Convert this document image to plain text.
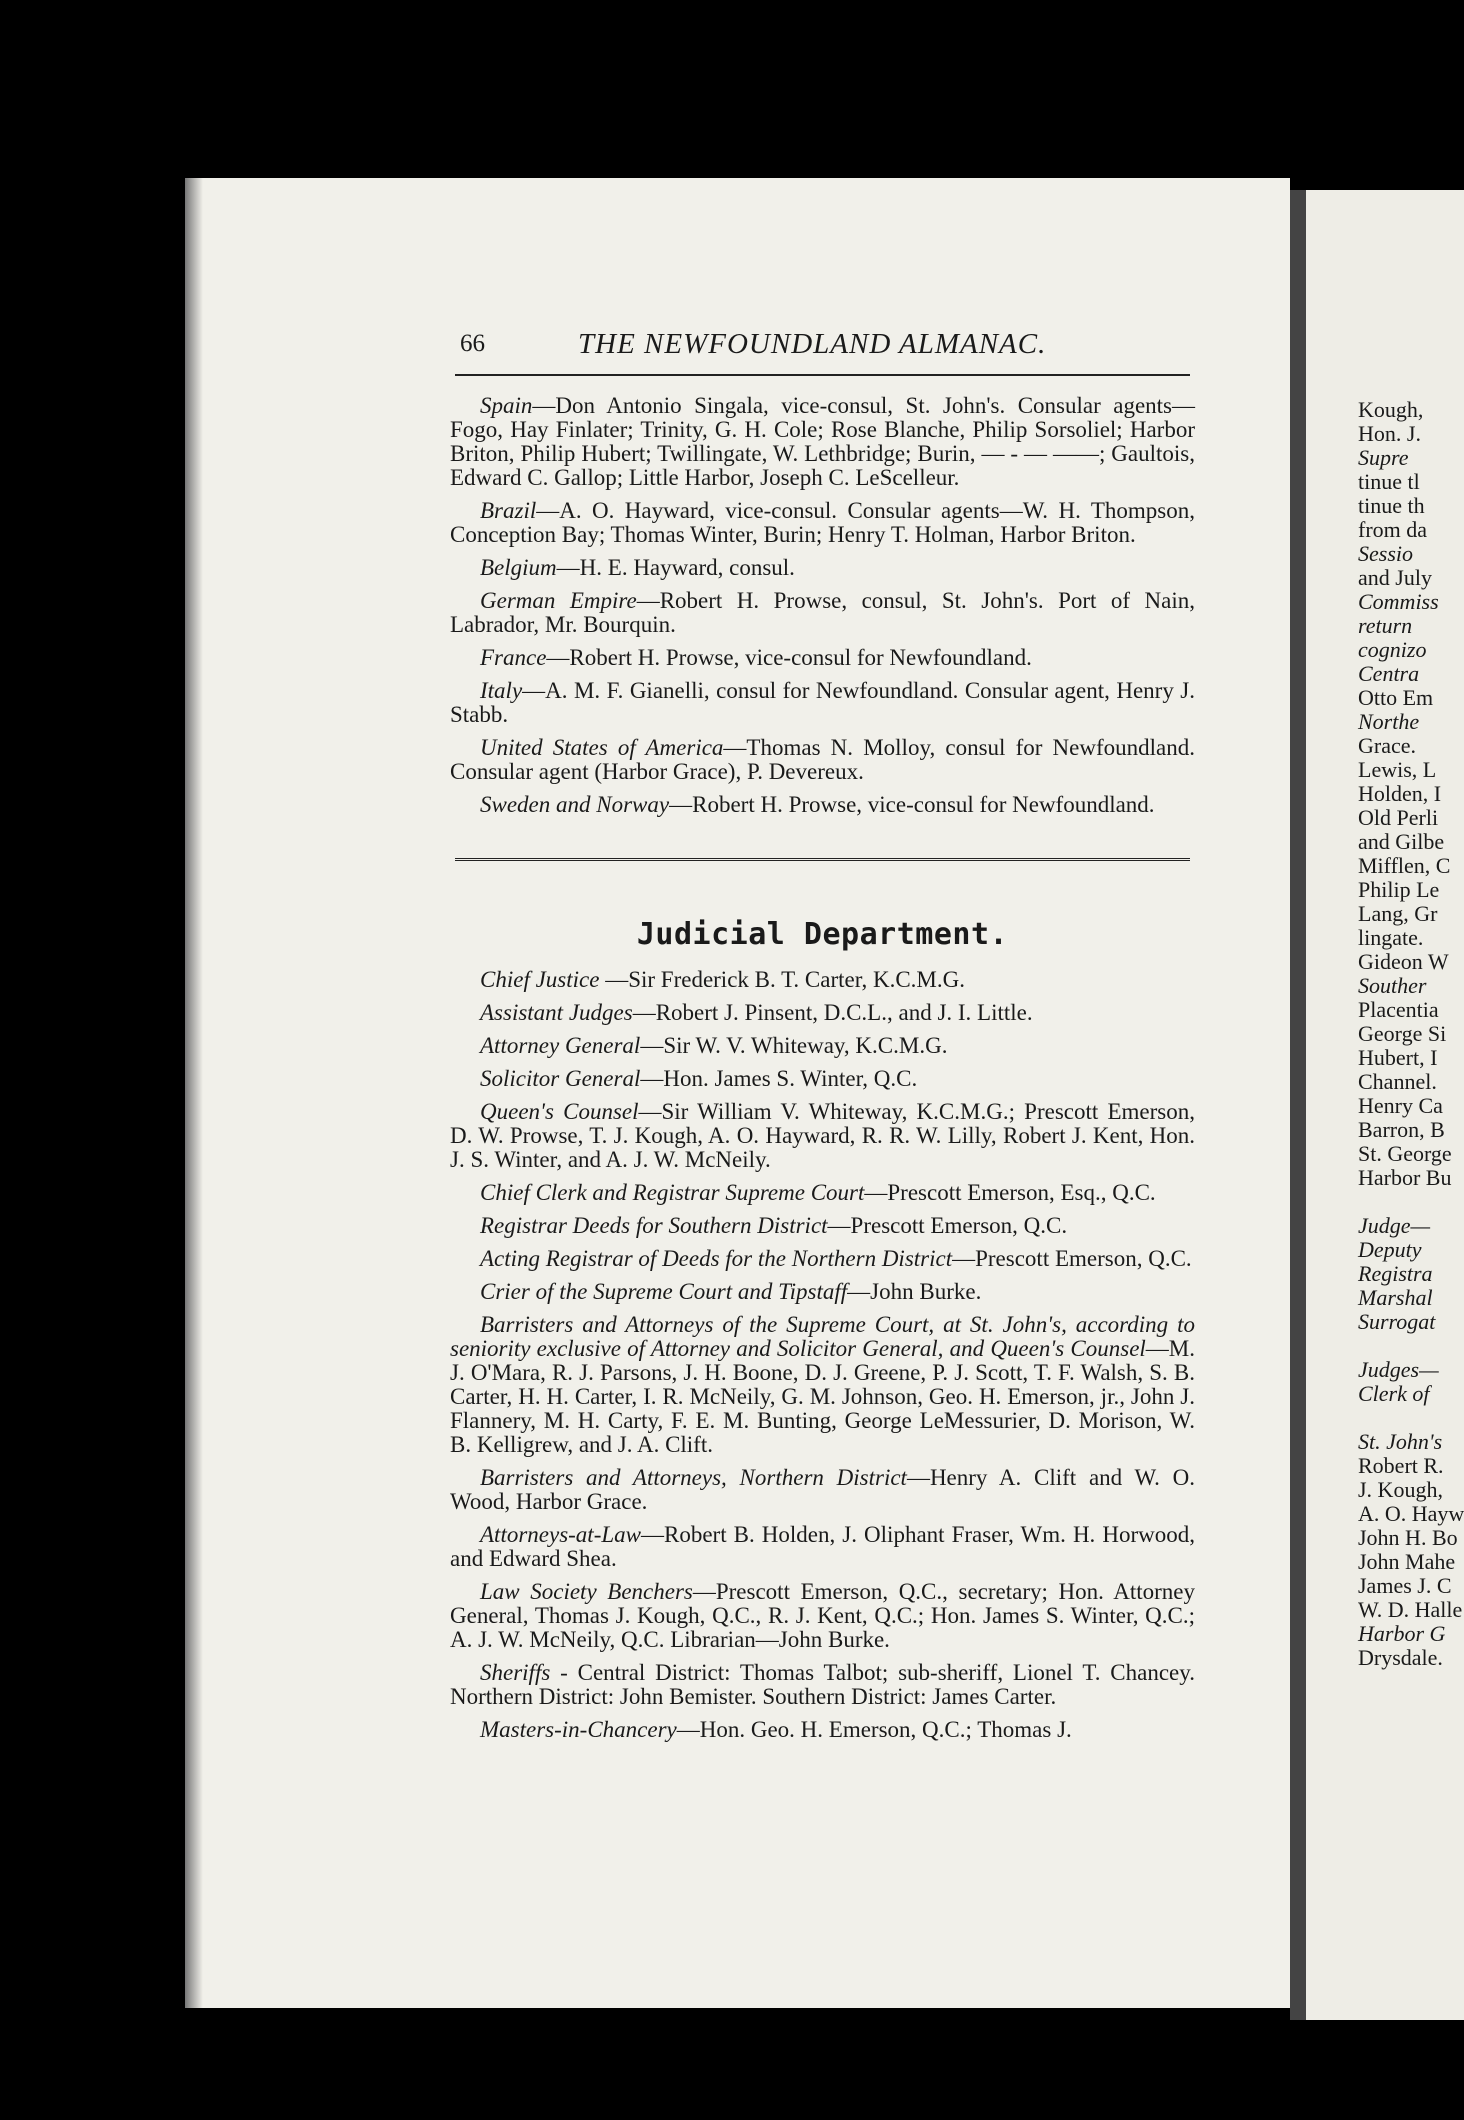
Kough,
Hon. J.
Supre
tinue tl
tinue th
from da
Sessio
and July
Commiss
return
cognizo
Centra
Otto Em
Northe
Grace.
Lewis, L
Holden, I
Old Perli
and Gilbe
Mifflen, C
Philip Le
Lang, Gr
lingate.
Gideon W
Souther
Placentia
George Si
Hubert, I
Channel.
Henry Ca
Barron, B
St. George
Harbor Bu

Judge—
Deputy
Registra
Marshal
Surrogat

Judges—
Clerk of

St. John's
Robert R.
J. Kough,
A. O. Hayw
John H. Bo
John Mahe
James J. C
W. D. Halle
Harbor G
Drysdale.
66	THE NEWFOUNDLAND ALMANAC.

Spain—Don Antonio Singala, vice-consul, St. John's. Consular agents—Fogo, Hay Finlater; Trinity, G. H. Cole; Rose Blanche, Philip Sorsoliel; Harbor Briton, Philip Hubert; Twillingate, W. Lethbridge; Burin, — - — ——; Gaultois, Edward C. Gallop; Little Harbor, Joseph C. LeScelleur.

Brazil—A. O. Hayward, vice-consul. Consular agents—W. H. Thompson, Conception Bay; Thomas Winter, Burin; Henry T. Holman, Harbor Briton.

Belgium—H. E. Hayward, consul.

German Empire—Robert H. Prowse, consul, St. John's. Port of Nain, Labrador, Mr. Bourquin.

France—Robert H. Prowse, vice-consul for Newfoundland.

Italy—A. M. F. Gianelli, consul for Newfoundland. Consular agent, Henry J. Stabb.

United States of America—Thomas N. Molloy, consul for Newfoundland. Consular agent (Harbor Grace), P. Devereux.

Sweden and Norway—Robert H. Prowse, vice-consul for Newfoundland.

Judicial Department.

Chief Justice —Sir Frederick B. T. Carter, K.C.M.G.

Assistant Judges—Robert J. Pinsent, D.C.L., and J. I. Little.

Attorney General—Sir W. V. Whiteway, K.C.M.G.

Solicitor General—Hon. James S. Winter, Q.C.

Queen's Counsel—Sir William V. Whiteway, K.C.M.G.; Prescott Emerson, D. W. Prowse, T. J. Kough, A. O. Hayward, R. R. W. Lilly, Robert J. Kent, Hon. J. S. Winter, and A. J. W. McNeily.

Chief Clerk and Registrar Supreme Court—Prescott Emerson, Esq., Q.C.

Registrar Deeds for Southern District—Prescott Emerson, Q.C.

Acting Registrar of Deeds for the Northern District—Prescott Emerson, Q.C.

Crier of the Supreme Court and Tipstaff—John Burke.

Barristers and Attorneys of the Supreme Court, at St. John's, according to seniority exclusive of Attorney and Solicitor General, and Queen's Counsel—M. J. O'Mara, R. J. Parsons, J. H. Boone, D. J. Greene, P. J. Scott, T. F. Walsh, S. B. Carter, H. H. Carter, I. R. McNeily, G. M. Johnson, Geo. H. Emerson, jr., John J. Flannery, M. H. Carty, F. E. M. Bunting, George LeMessurier, D. Morison, W. B. Kelligrew, and J. A. Clift.

Barristers and Attorneys, Northern District—Henry A. Clift and W. O. Wood, Harbor Grace.

Attorneys-at-Law—Robert B. Holden, J. Oliphant Fraser, Wm. H. Horwood, and Edward Shea.

Law Society Benchers—Prescott Emerson, Q.C., secretary; Hon. Attorney General, Thomas J. Kough, Q.C., R. J. Kent, Q.C.; Hon. James S. Winter, Q.C.; A. J. W. McNeily, Q.C. Librarian—John Burke.

Sheriffs - Central District: Thomas Talbot; sub-sheriff, Lionel T. Chancey. Northern District: John Bemister. Southern District: James Carter.

Masters-in-Chancery—Hon. Geo. H. Emerson, Q.C.; Thomas J.
